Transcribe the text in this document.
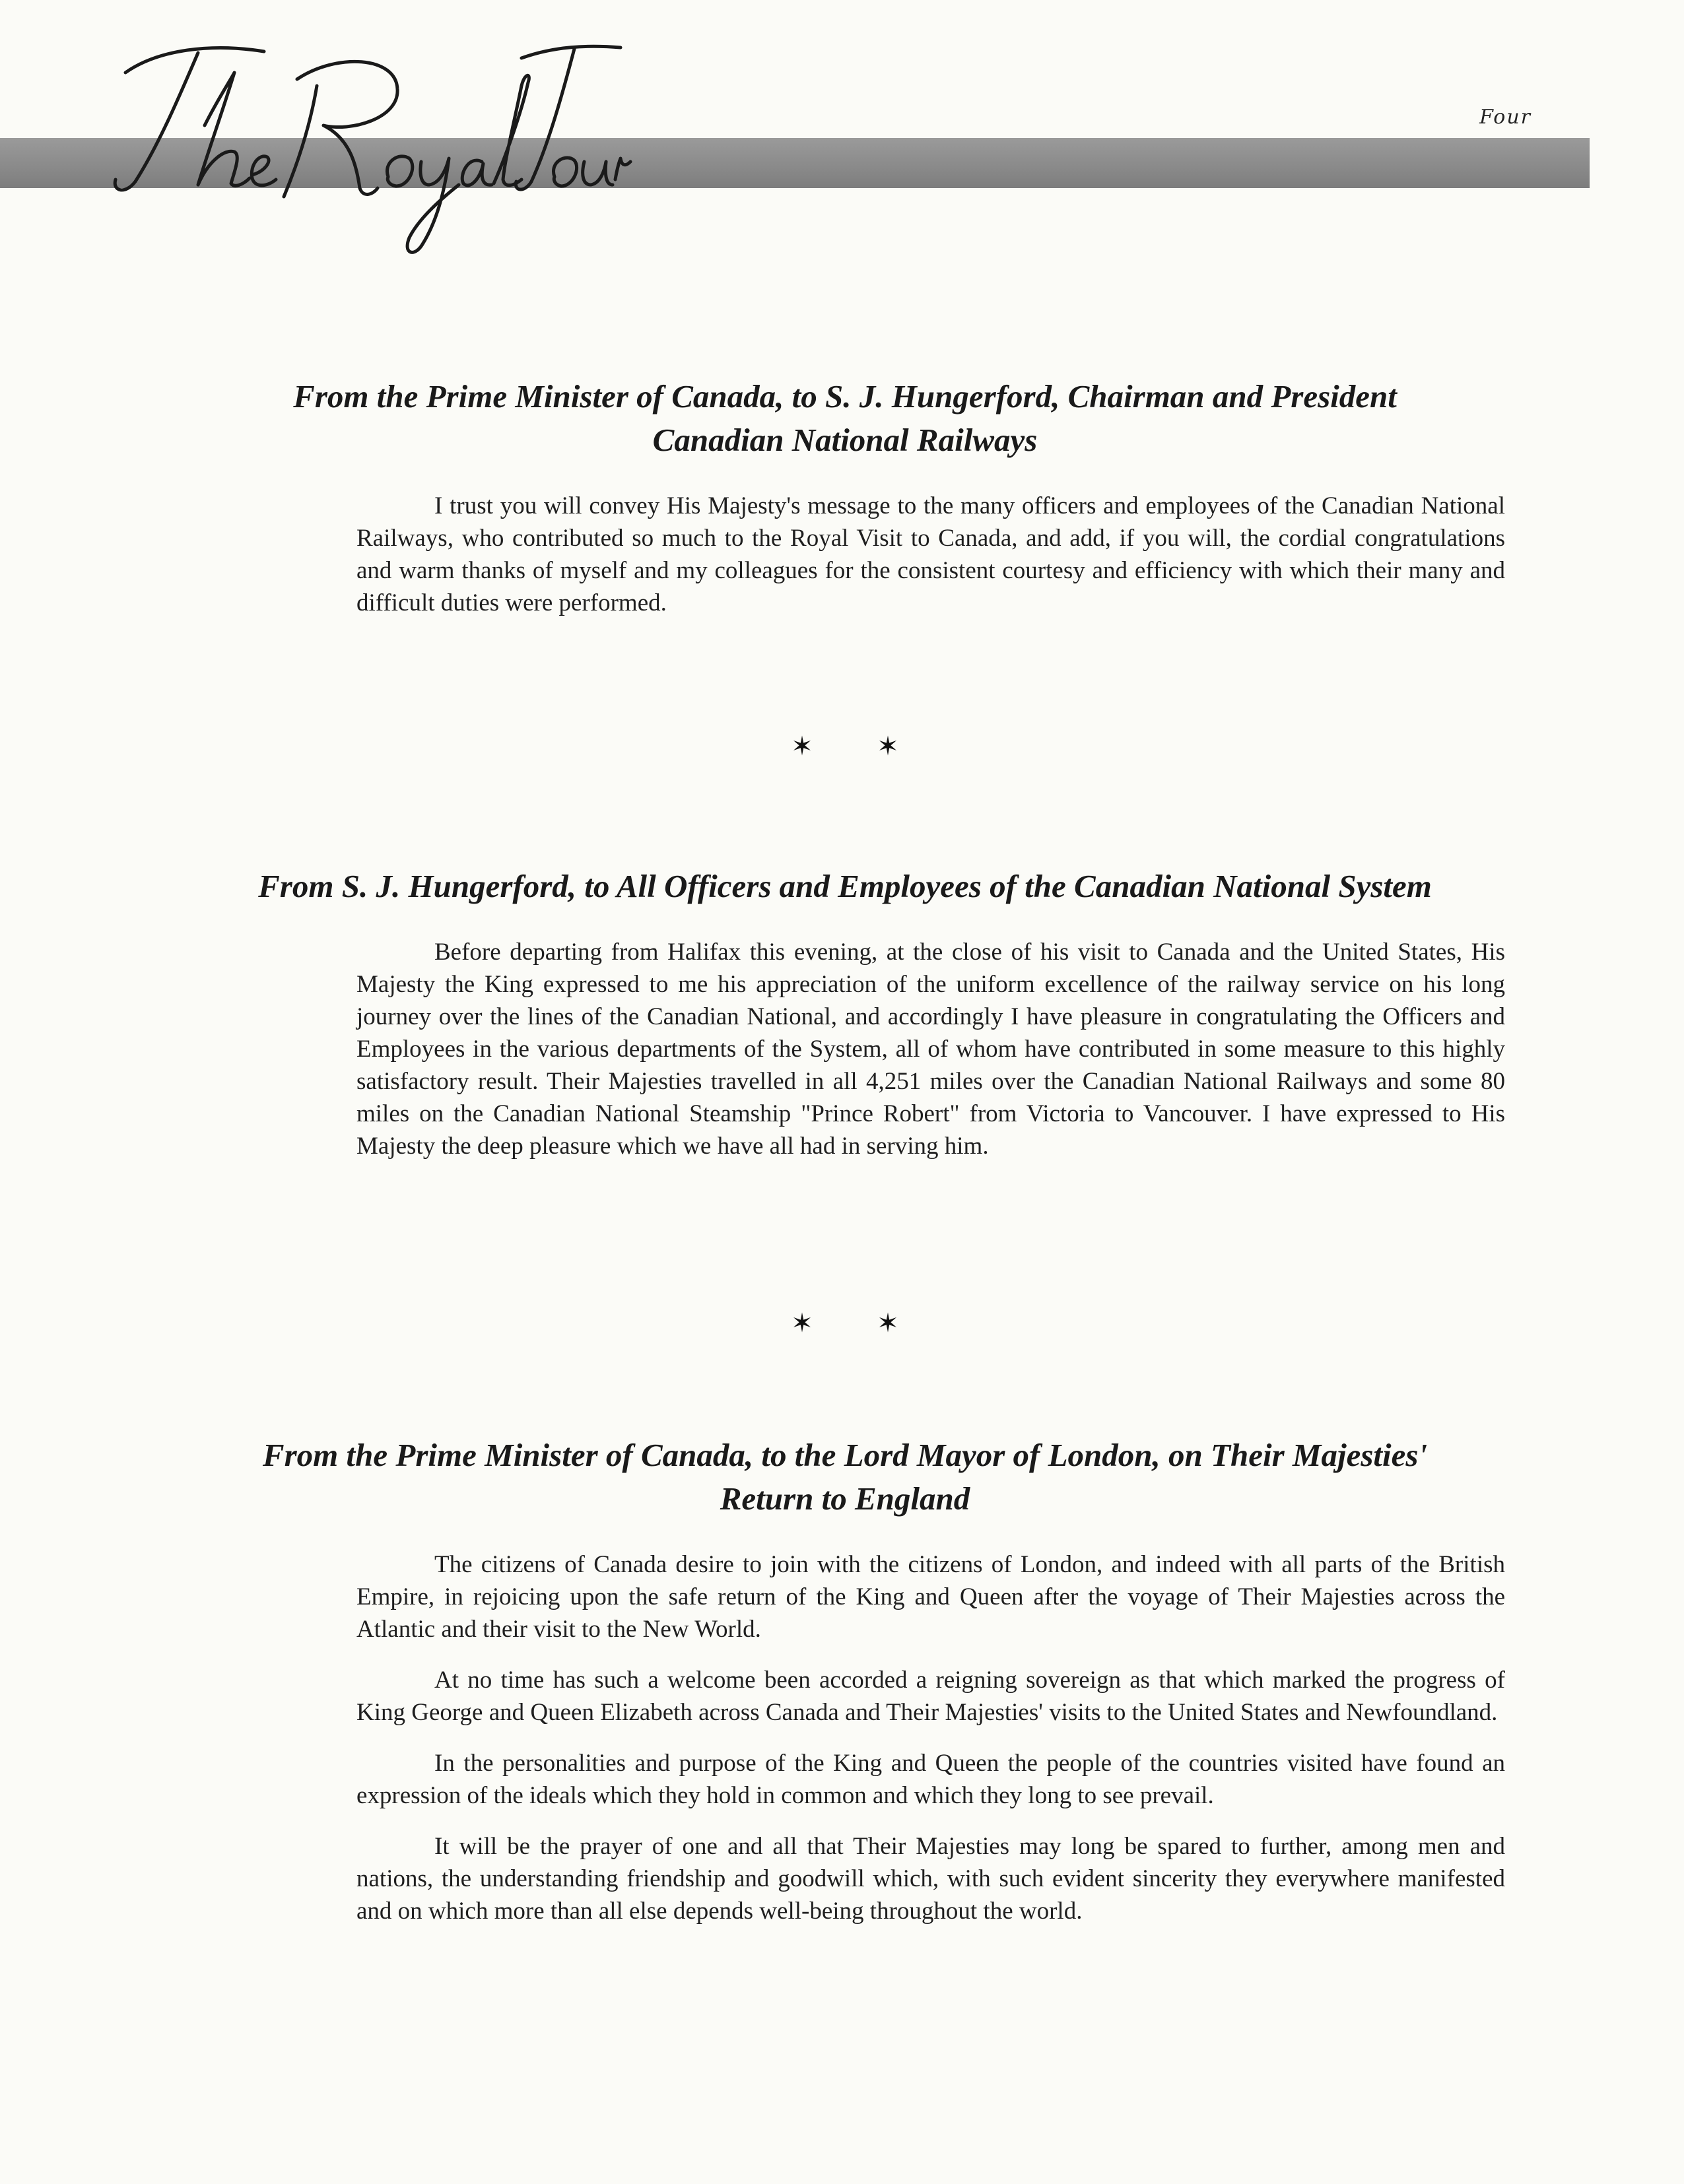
Four
From the Prime Minister of Canada, to S. J. Hungerford, Chairman and President
Canadian National Railways

I trust you will convey His Majesty's message to the many officers and employees of the Canadian National Railways, who contributed so much to the Royal Visit to Canada, and add, if you will, the cordial congratulations and warm thanks of myself and my colleagues for the consistent courtesy and efficiency with which their many and difficult duties were performed.

✶ ✶
From S. J. Hungerford, to All Officers and Employees of the Canadian National System

Before departing from Halifax this evening, at the close of his visit to Canada and the United States, His Majesty the King expressed to me his appreciation of the uniform excellence of the railway service on his long journey over the lines of the Canadian National, and accordingly I have pleasure in congratulating the Officers and Employees in the various departments of the System, all of whom have contributed in some measure to this highly satisfactory result. Their Majesties travelled in all 4,251 miles over the Canadian National Railways and some 80 miles on the Canadian National Steamship "Prince Robert" from Victoria to Vancouver. I have expressed to His Majesty the deep pleasure which we have all had in serving him.

✶ ✶
From the Prime Minister of Canada, to the Lord Mayor of London, on Their Majesties'
Return to England

The citizens of Canada desire to join with the citizens of London, and indeed with all parts of the British Empire, in rejoicing upon the safe return of the King and Queen after the voyage of Their Majesties across the Atlantic and their visit to the New World.

At no time has such a welcome been accorded a reigning sovereign as that which marked the progress of King George and Queen Elizabeth across Canada and Their Majesties' visits to the United States and Newfoundland.

In the personalities and purpose of the King and Queen the people of the countries visited have found an expression of the ideals which they hold in common and which they long to see prevail.

It will be the prayer of one and all that Their Majesties may long be spared to further, among men and nations, the understanding friendship and goodwill which, with such evident sincerity they everywhere manifested and on which more than all else depends well-being throughout the world.
